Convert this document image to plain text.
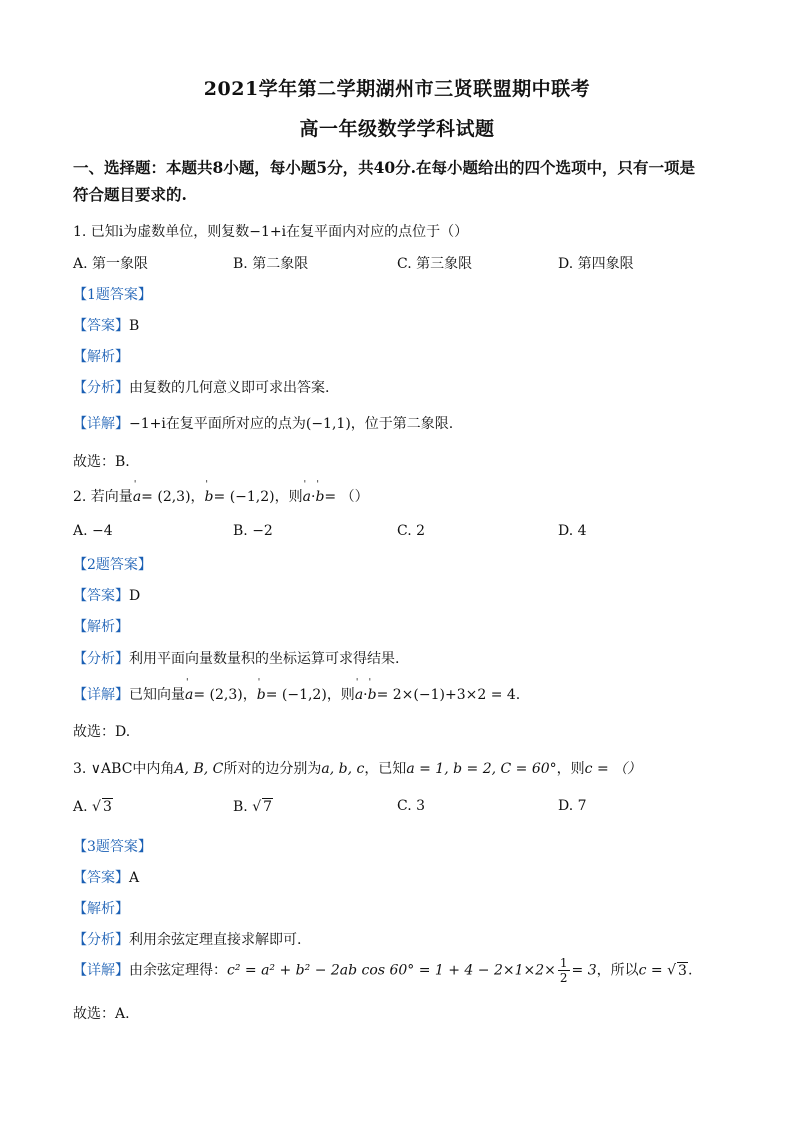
2021学年第二学期湖州市三贤联盟期中联考
高一年级数学学科试题
一、选择题：本题共8小题，每小题5分，共40分.在每小题给出的四个选项中，只有一项是
符合题目要求的.
1. 已知i为虚数单位，则复数−1+i在复平面内对应的点位于（）
A. 第一象限	B. 第二象限	C. 第三象限	D. 第四象限
【1题答案】
【答案】B
【解析】
【分析】由复数的几何意义即可求出答案.
【详解】−1+i在复平面所对应的点为(−1,1)，位于第二象限.
故选：B.
2. 若向量' a= (2,3)，' b= (−1,2)，则' a·' b= （）
A. −4	B. −2	C. 2	D. 4
【2题答案】
【答案】D
【解析】
【分析】利用平面向量数量积的坐标运算可求得结果.
【详解】已知向量' a= (2,3)，' b= (−1,2)，则' a·' b= 2×(−1)+3×2 = 4.
故选：D.
3. ∨ABC中内角A, B, C所对的边分别为a, b, c，已知a = 1, b = 2, C = 60°，则c = （）
A. √ 3	B. √ 7	C. 3	D. 7
【3题答案】
【答案】A
【解析】
【分析】利用余弦定理直接求解即可.
【详解】由余弦定理得：c² = a² + b² − 2ab $\cos 60^\circ = 1 + 4 - 2\times 1\times 2\times \frac{1}{2} = 3$，所以c = √ 3.
故选：A.
